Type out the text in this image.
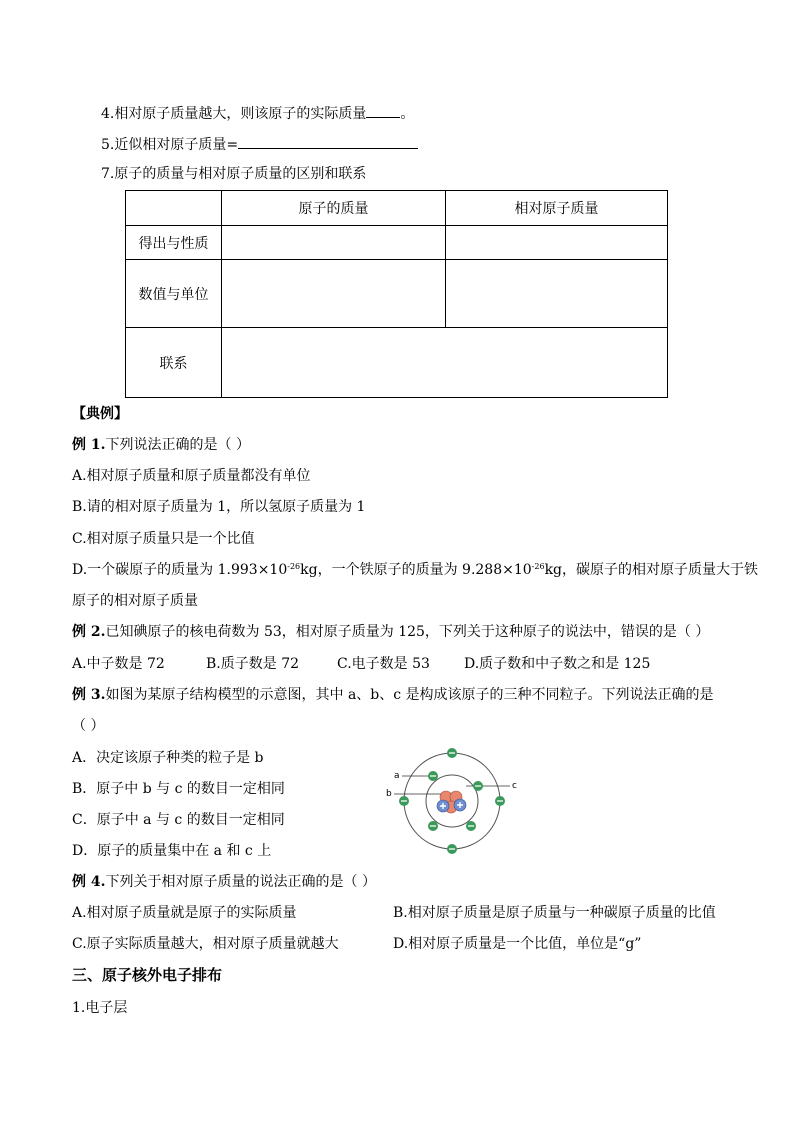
4.相对原子质量越大，则该原子的实际质量 。
5.近似相对原子质量=
7.原子的质量与相对原子质量的区别和联系
	原子的质量	相对原子质量
得出与性质		
数值与单位		
联系		
【典例】
例 1.下列说法正确的是（ ）
A.相对原子质量和原子质量都没有单位
B.请的相对原子质量为 1，所以氢原子质量为 1
C.相对原子质量只是一个比值
D.一个碳原子的质量为 $1.993\times 10^{-26}kg$，一个铁原子的质量为 $9.288\times 10^{-26}kg$，碳原子的相对原子质量大于铁
原子的相对原子质量
例 2.已知碘原子的核电荷数为 53，相对原子质量为 125，下列关于这种原子的说法中，错误的是（ ）
A.中子数是 72	B.质子数是 72	C.电子数是 53 D.质子数和中子数之和是 125
例 3.如图为某原子结构模型的示意图，其中 a、b、c 是构成该原子的三种不同粒子。下列说法正确的是
（ ）
A．决定该原子种类的粒子是 b
B．原子中 b 与 c 的数目一定相同
C．原子中 a 与 c 的数目一定相同
D．原子的质量集中在 a 和 c 上
a
b
c
例 4.下列关于相对原子质量的说法正确的是（ ）
A.相对原子质量就是原子的实际质量	B.相对原子质量是原子质量与一种碳原子质量的比值
C.原子实际质量越大，相对原子质量就越大	D.相对原子质量是一个比值，单位是“g”
三、原子核外电子排布
1.电子层
